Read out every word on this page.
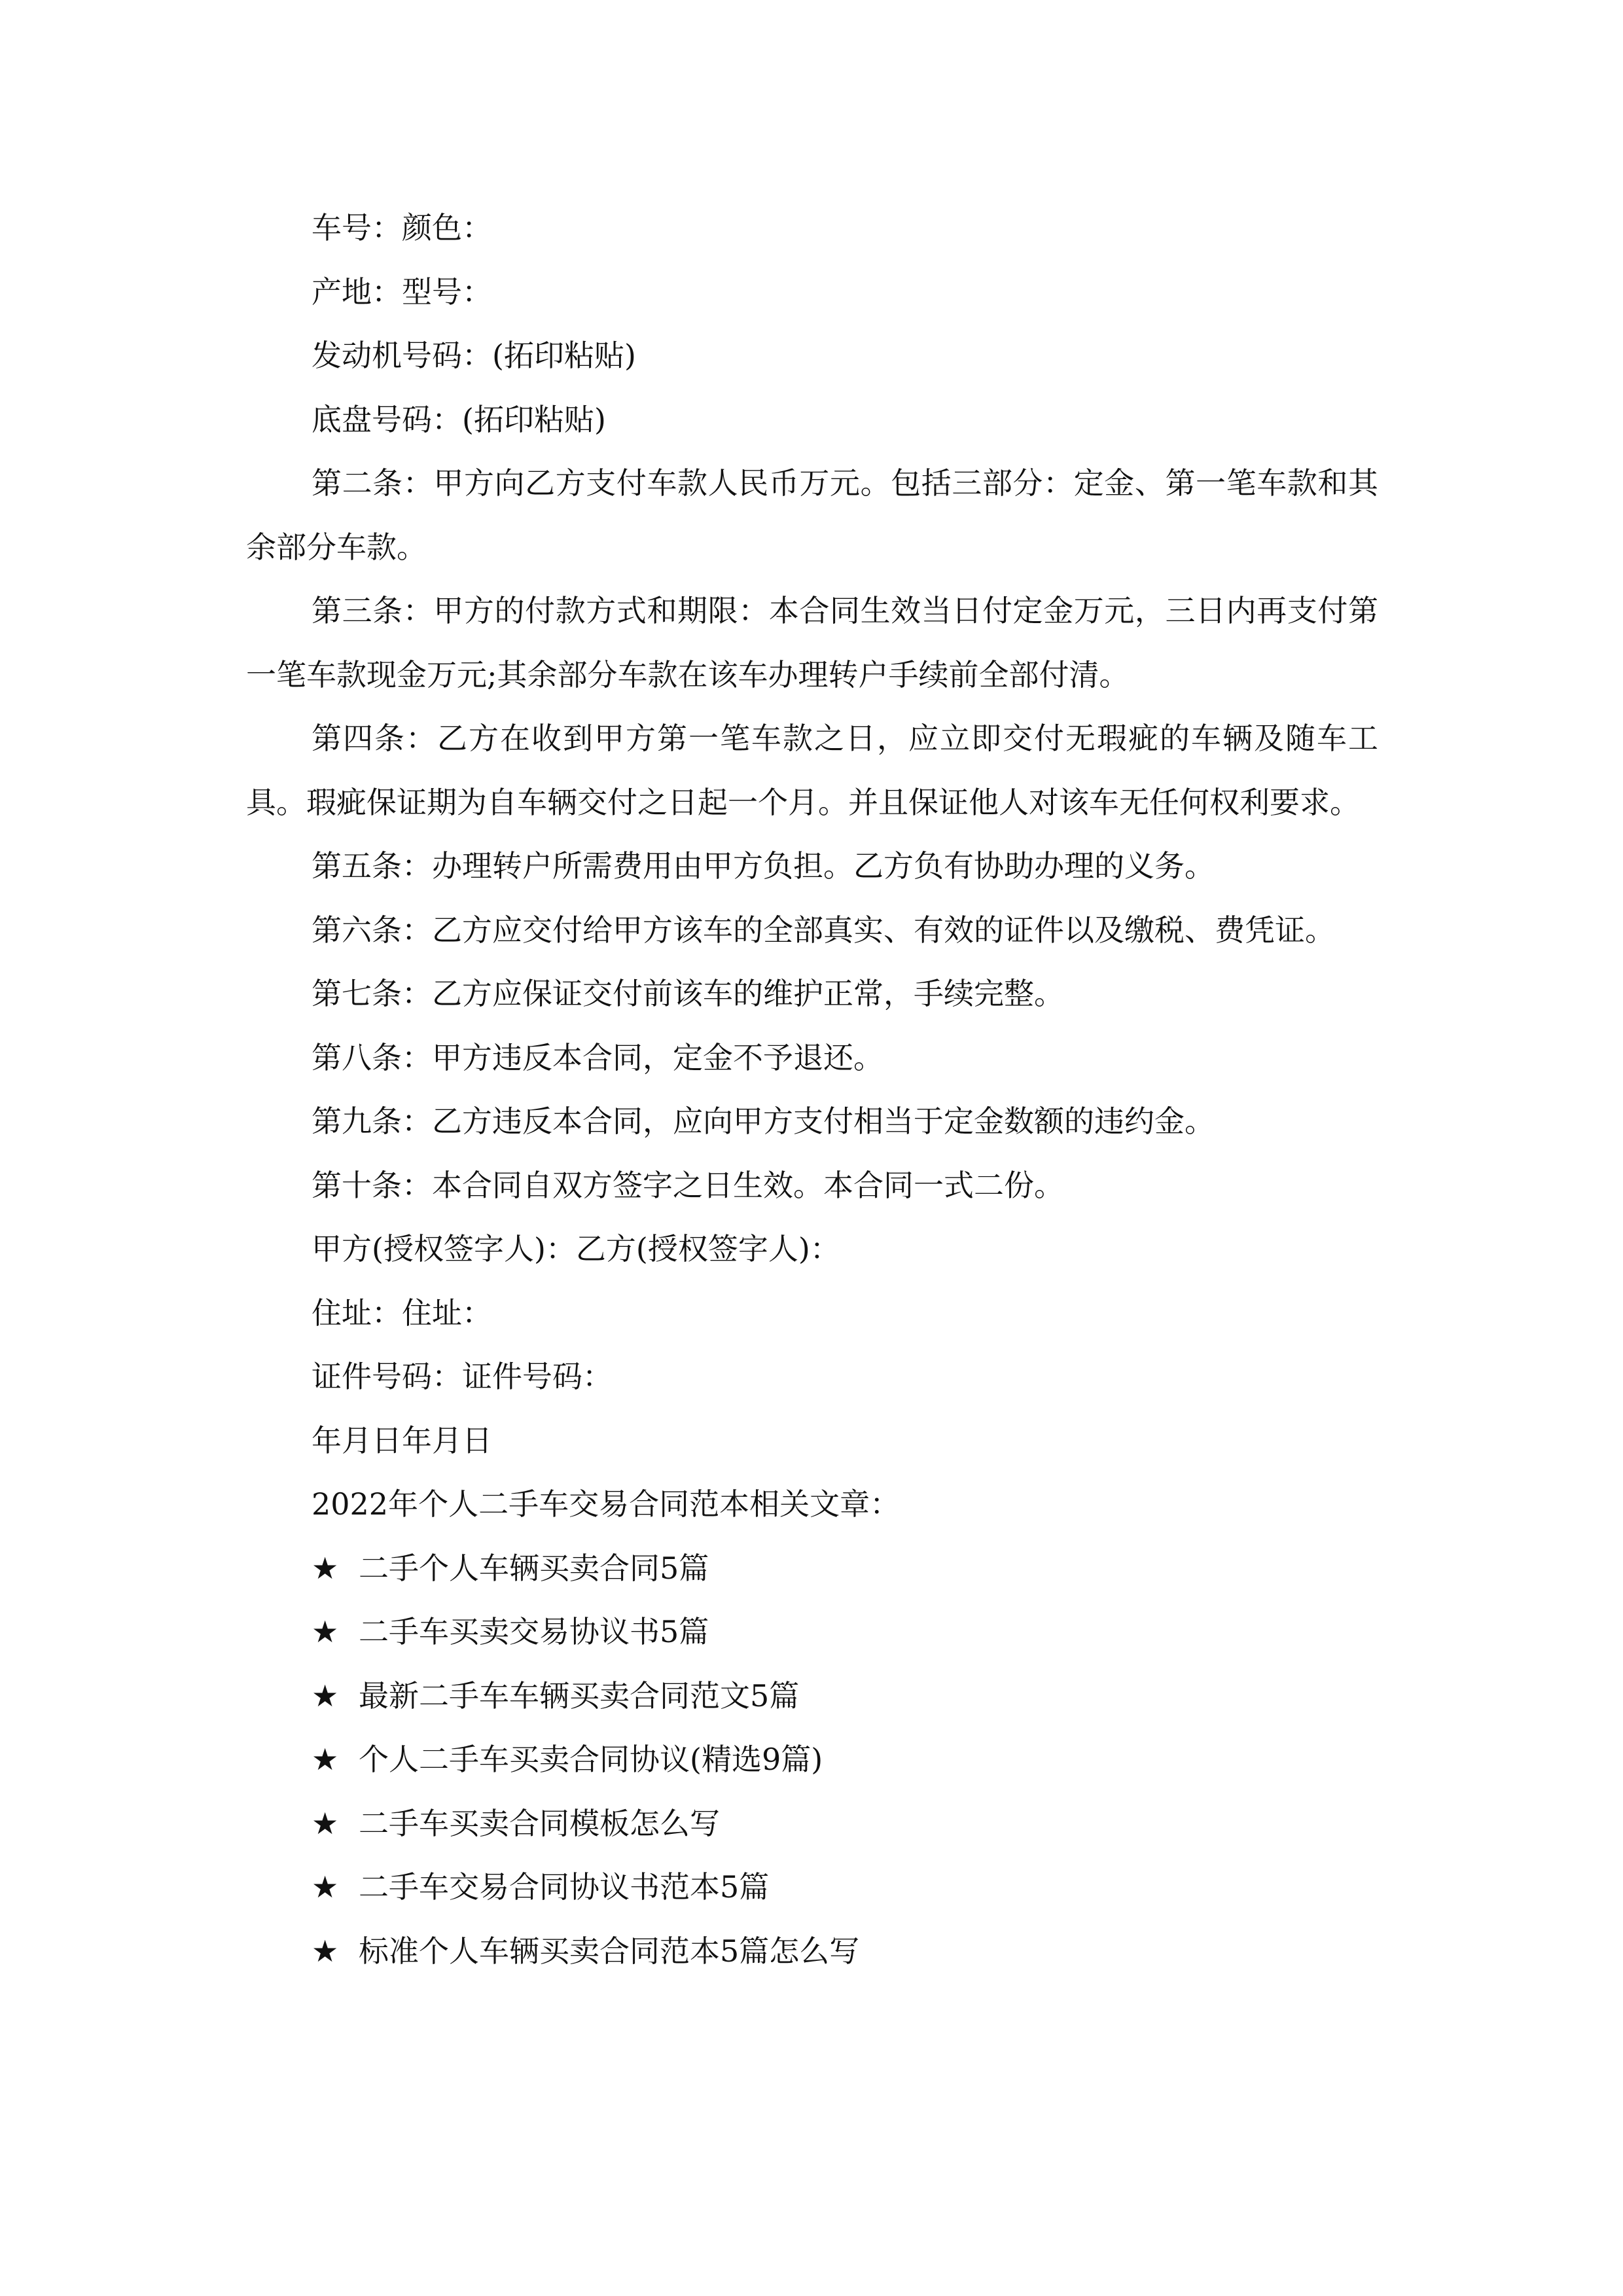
车号：颜色：
产地：型号：
发动机号码：(拓印粘贴)
底盘号码：(拓印粘贴)

第二条：甲方向乙方支付车款人民币万元。包括三部分：定金、第一笔车款和其余部分车款。

第三条：甲方的付款方式和期限：本合同生效当日付定金万元，三日内再支付第一笔车款现金万元;其余部分车款在该车办理转户手续前全部付清。

第四条：乙方在收到甲方第一笔车款之日，应立即交付无瑕疵的车辆及随车工具。瑕疵保证期为自车辆交付之日起一个月。并且保证他人对该车无任何权利要求。

第五条：办理转户所需费用由甲方负担。乙方负有协助办理的义务。
第六条：乙方应交付给甲方该车的全部真实、有效的证件以及缴税、费凭证。
第七条：乙方应保证交付前该车的维护正常，手续完整。
第八条：甲方违反本合同，定金不予退还。
第九条：乙方违反本合同，应向甲方支付相当于定金数额的违约金。
第十条：本合同自双方签字之日生效。本合同一式二份。
甲方(授权签字人)：乙方(授权签字人)：
住址：住址：
证件号码：证件号码：
年月日年月日
2022年个人二手车交易合同范本相关文章：
★ 二手个人车辆买卖合同5篇
★ 二手车买卖交易协议书5篇
★ 最新二手车车辆买卖合同范文5篇
★ 个人二手车买卖合同协议(精选9篇)
★ 二手车买卖合同模板怎么写
★ 二手车交易合同协议书范本5篇
★ 标准个人车辆买卖合同范本5篇怎么写
